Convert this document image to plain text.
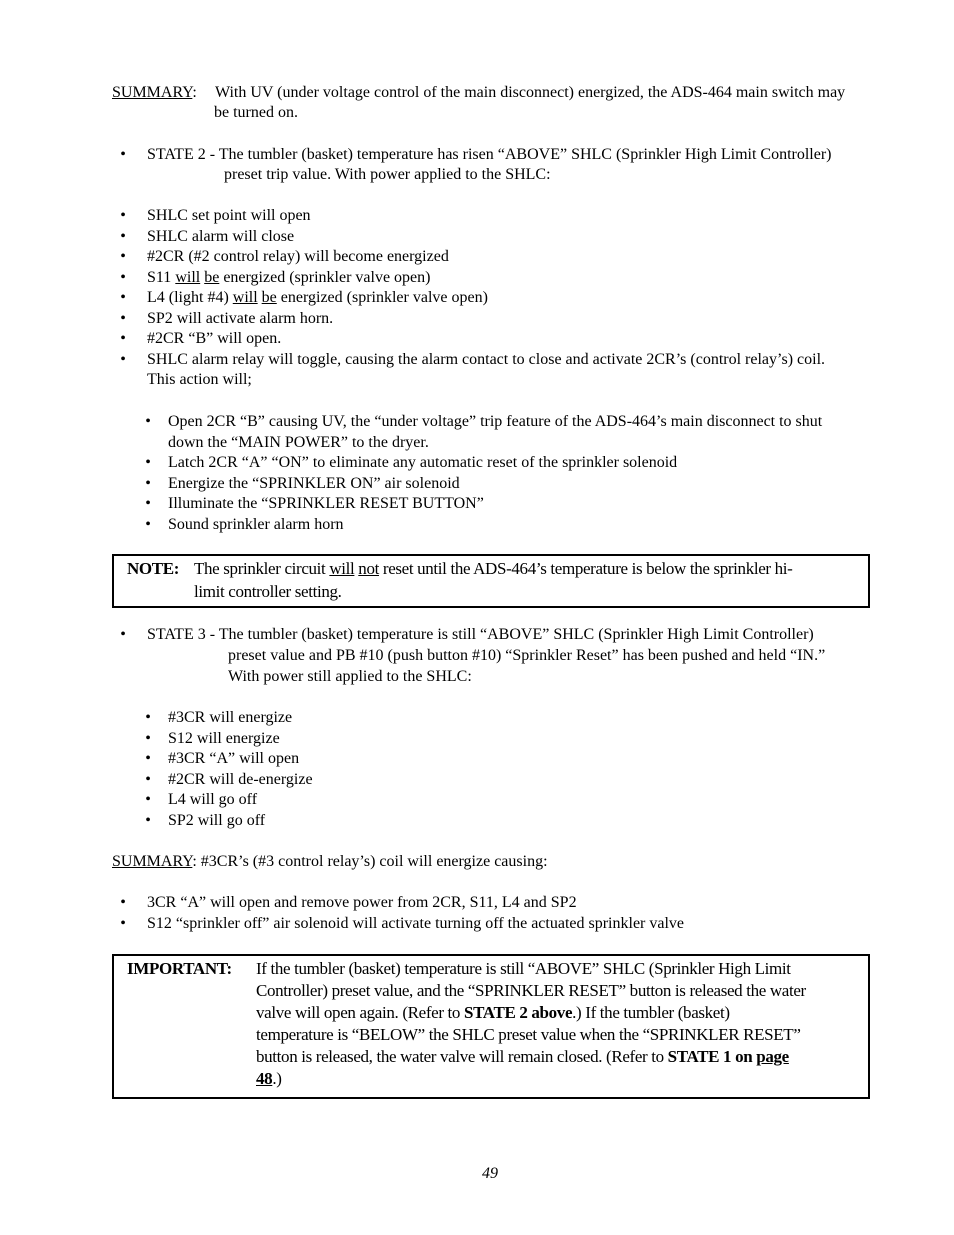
SUMMARY: With UV (under voltage control of the main disconnect) energized, the ADS-464 main switch may
be turned on.
• STATE 2 - The tumbler (basket) temperature has risen “ABOVE” SHLC (Sprinkler High Limit Controller)
preset trip value. With power applied to the SHLC:
• SHLC set point will open
• SHLC alarm will close
• #2CR (#2 control relay) will become energized
• S11 will be energized (sprinkler valve open)
• L4 (light #4) will be energized (sprinkler valve open)
• SP2 will activate alarm horn.
• #2CR “B” will open.
• SHLC alarm relay will toggle, causing the alarm contact to close and activate 2CR’s (control relay’s) coil.
This action will;
• Open 2CR “B” causing UV, the “under voltage” trip feature of the ADS-464’s main disconnect to shut
down the “MAIN POWER” to the dryer.
• Latch 2CR “A” “ON” to eliminate any automatic reset of the sprinkler solenoid
• Energize the “SPRINKLER ON” air solenoid
• Illuminate the “SPRINKLER RESET BUTTON”
• Sound sprinkler alarm horn
NOTE: The sprinkler circuit will not reset until the ADS-464’s temperature is below the sprinkler hi-
limit controller setting.
• STATE 3 - The tumbler (basket) temperature is still “ABOVE” SHLC (Sprinkler High Limit Controller)
preset value and PB #10 (push button #10) “Sprinkler Reset” has been pushed and held “IN.”
With power still applied to the SHLC:
• #3CR will energize
• S12 will energize
• #3CR “A” will open
• #2CR will de-energize
• L4 will go off
• SP2 will go off
SUMMARY: #3CR’s (#3 control relay’s) coil will energize causing:
• 3CR “A” will open and remove power from 2CR, S11, L4 and SP2
• S12 “sprinkler off” air solenoid will activate turning off the actuated sprinkler valve
IMPORTANT: If the tumbler (basket) temperature is still “ABOVE” SHLC (Sprinkler High Limit
Controller) preset value, and the “SPRINKLER RESET” button is released the water
valve will open again. (Refer to STATE 2 above.) If the tumbler (basket)
temperature is “BELOW” the SHLC preset value when the “SPRINKLER RESET”
button is released, the water valve will remain closed. (Refer to STATE 1 on page
48.)
49
